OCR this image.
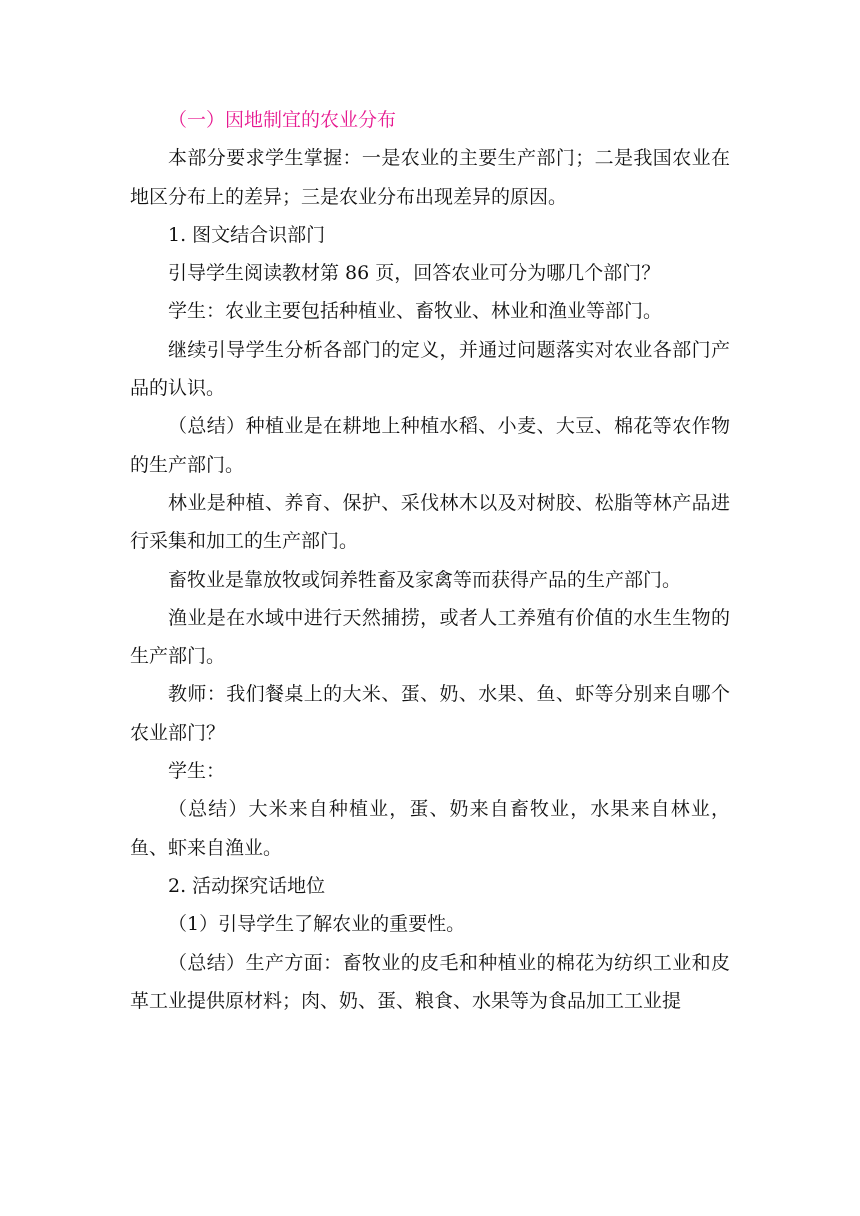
（一）因地制宜的农业分布

本部分要求学生掌握：一是农业的主要生产部门；二是我国农业在地区分布上的差异；三是农业分布出现差异的原因。

1. 图文结合识部门

引导学生阅读教材第 86 页，回答农业可分为哪几个部门？

学生：农业主要包括种植业、畜牧业、林业和渔业等部门。

继续引导学生分析各部门的定义，并通过问题落实对农业各部门产品的认识。

（总结）种植业是在耕地上种植水稻、小麦、大豆、棉花等农作物的生产部门。

林业是种植、养育、保护、采伐林木以及对树胶、松脂等林产品进行采集和加工的生产部门。

畜牧业是靠放牧或饲养牲畜及家禽等而获得产品的生产部门。

渔业是在水域中进行天然捕捞，或者人工养殖有价值的水生生物的生产部门。

教师：我们餐桌上的大米、蛋、奶、水果、鱼、虾等分别来自哪个农业部门？

学生：

（总结）大米来自种植业，蛋、奶来自畜牧业，水果来自林业，鱼、虾来自渔业。

2. 活动探究话地位

（1）引导学生了解农业的重要性。

（总结）生产方面：畜牧业的皮毛和种植业的棉花为纺织工业和皮革工业提供原材料；肉、奶、蛋、粮食、水果等为食品加工工业提
